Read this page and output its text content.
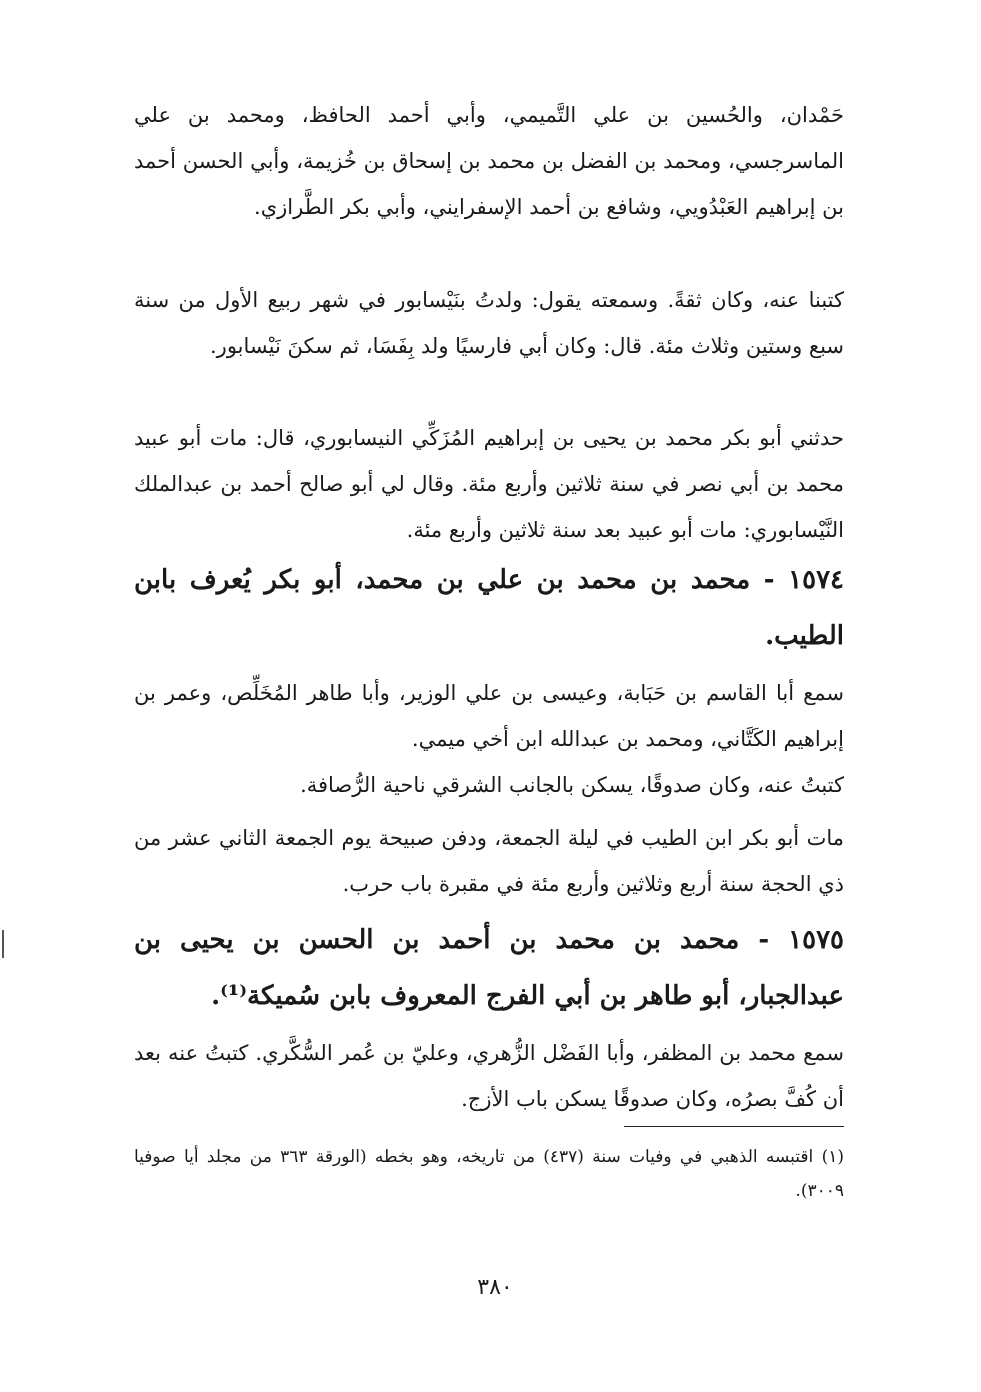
حَمْدان، والحُسين بن علي التَّميمي، وأبي أحمد الحافظ، ومحمد بن علي الماسرجسي، ومحمد بن الفضل بن محمد بن إسحاق بن خُزيمة، وأبي الحسن أحمد بن إبراهيم العَبْدُويي، وشافع بن أحمد الإسفرايني، وأبي بكر الطَّرازي.

كتبنا عنه، وكان ثقةً. وسمعته يقول: ولدتُ بنَيْسابور في شهر ربيع الأول من سنة سبع وستين وثلاث مئة. قال: وكان أبي فارسيًا ولد بِفَسَا، ثم سكنَ نَيْسابور.

حدثني أبو بكر محمد بن يحيى بن إبراهيم المُزَكِّي النيسابوري، قال: مات أبو عبيد محمد بن أبي نصر في سنة ثلاثين وأربع مئة. وقال لي أبو صالح أحمد بن عبدالملك النَّيْسابوري: مات أبو عبيد بعد سنة ثلاثين وأربع مئة.

١٥٧٤ - محمد بن محمد بن علي بن محمد، أبو بكر يُعرف بابن الطيب.

سمع أبا القاسم بن حَبَابة، وعيسى بن علي الوزير، وأبا طاهر المُخَلِّص، وعمر بن إبراهيم الكَتَّاني، ومحمد بن عبدالله ابن أخي ميمي.

كتبتُ عنه، وكان صدوقًا، يسكن بالجانب الشرقي ناحية الرُّصافة.

مات أبو بكر ابن الطيب في ليلة الجمعة، ودفن صبيحة يوم الجمعة الثاني عشر من ذي الحجة سنة أربع وثلاثين وأربع مئة في مقبرة باب حرب.

١٥٧٥ - محمد بن محمد بن أحمد بن الحسن بن يحيى بن عبدالجبار، أبو طاهر بن أبي الفرج المعروف بابن سُميكة⁽¹⁾.

سمع محمد بن المظفر، وأبا الفَضْل الزُّهري، وعليّ بن عُمر السُّكَّري. كتبتُ عنه بعد أن كُفَّ بصرُه، وكان صدوقًا يسكن باب الأزج.

(١) اقتبسه الذهبي في وفيات سنة (٤٣٧) من تاريخه، وهو بخطه (الورقة ٣٦٣ من مجلد أيا صوفيا ٣٠٠٩).

٣٨٠
